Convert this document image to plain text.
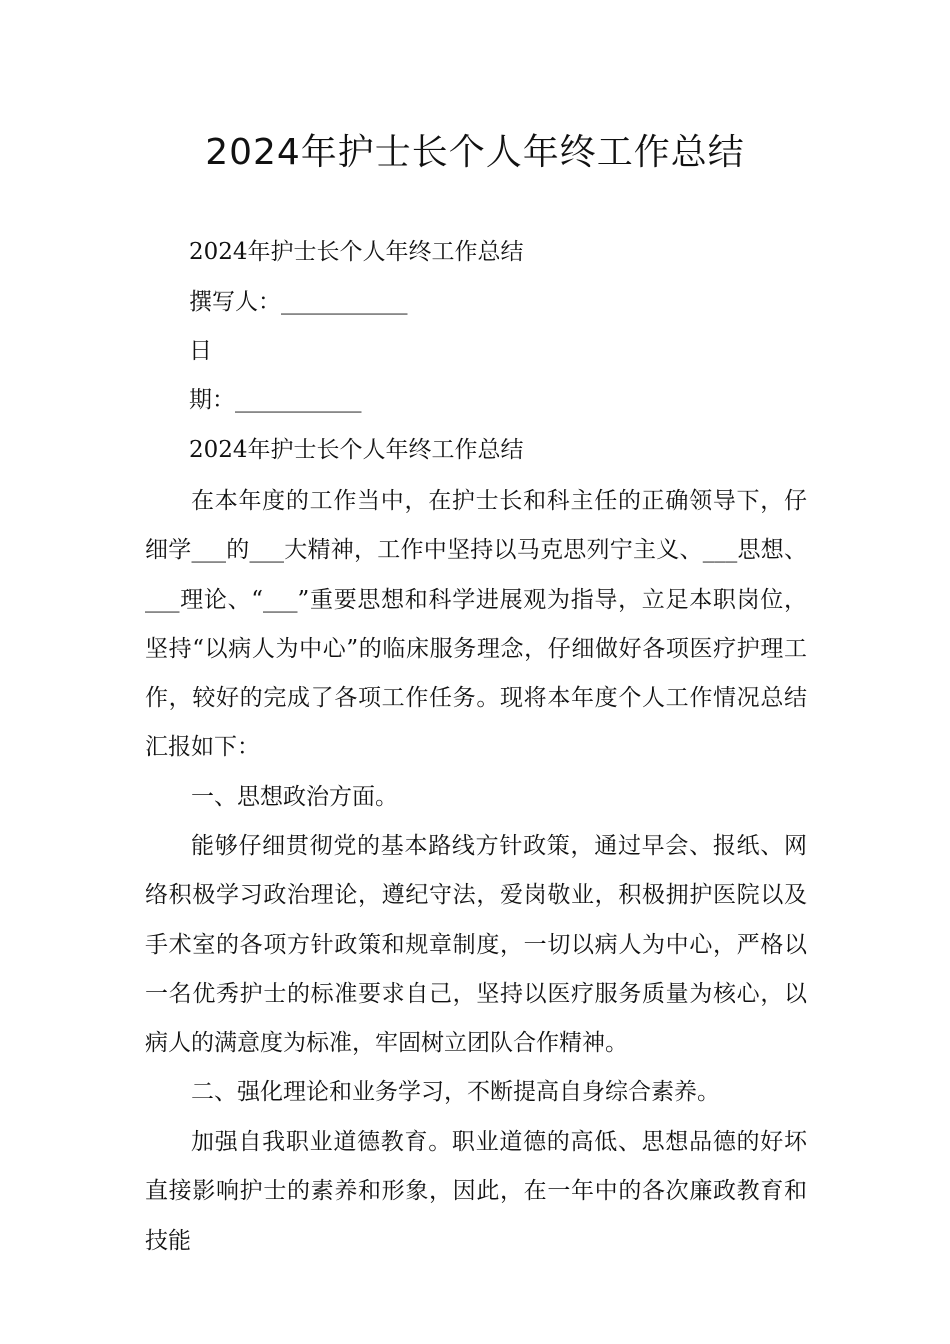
2024年护士长个人年终工作总结

2024年护士长个人年终工作总结

撰写人：___________

日

期：___________

2024年护士长个人年终工作总结

在本年度的工作当中，在护士长和科主任的正确领导下，仔细学___的___大精神，工作中坚持以马克思列宁主义、___思想、___理论、“___”重要思想和科学进展观为指导，立足本职岗位，坚持“以病人为中心”的临床服务理念，仔细做好各项医疗护理工作，较好的完成了各项工作任务。现将本年度个人工作情况总结汇报如下：

一、思想政治方面。

能够仔细贯彻党的基本路线方针政策，通过早会、报纸、网络积极学习政治理论，遵纪守法，爱岗敬业，积极拥护医院以及手术室的各项方针政策和规章制度，一切以病人为中心，严格以一名优秀护士的标准要求自己，坚持以医疗服务质量为核心，以病人的满意度为标准，牢固树立团队合作精神。

二、强化理论和业务学习，不断提高自身综合素养。

加强自我职业道德教育。职业道德的高低、思想品德的好坏直接影响护士的素养和形象，因此，在一年中的各次廉政教育和技能
